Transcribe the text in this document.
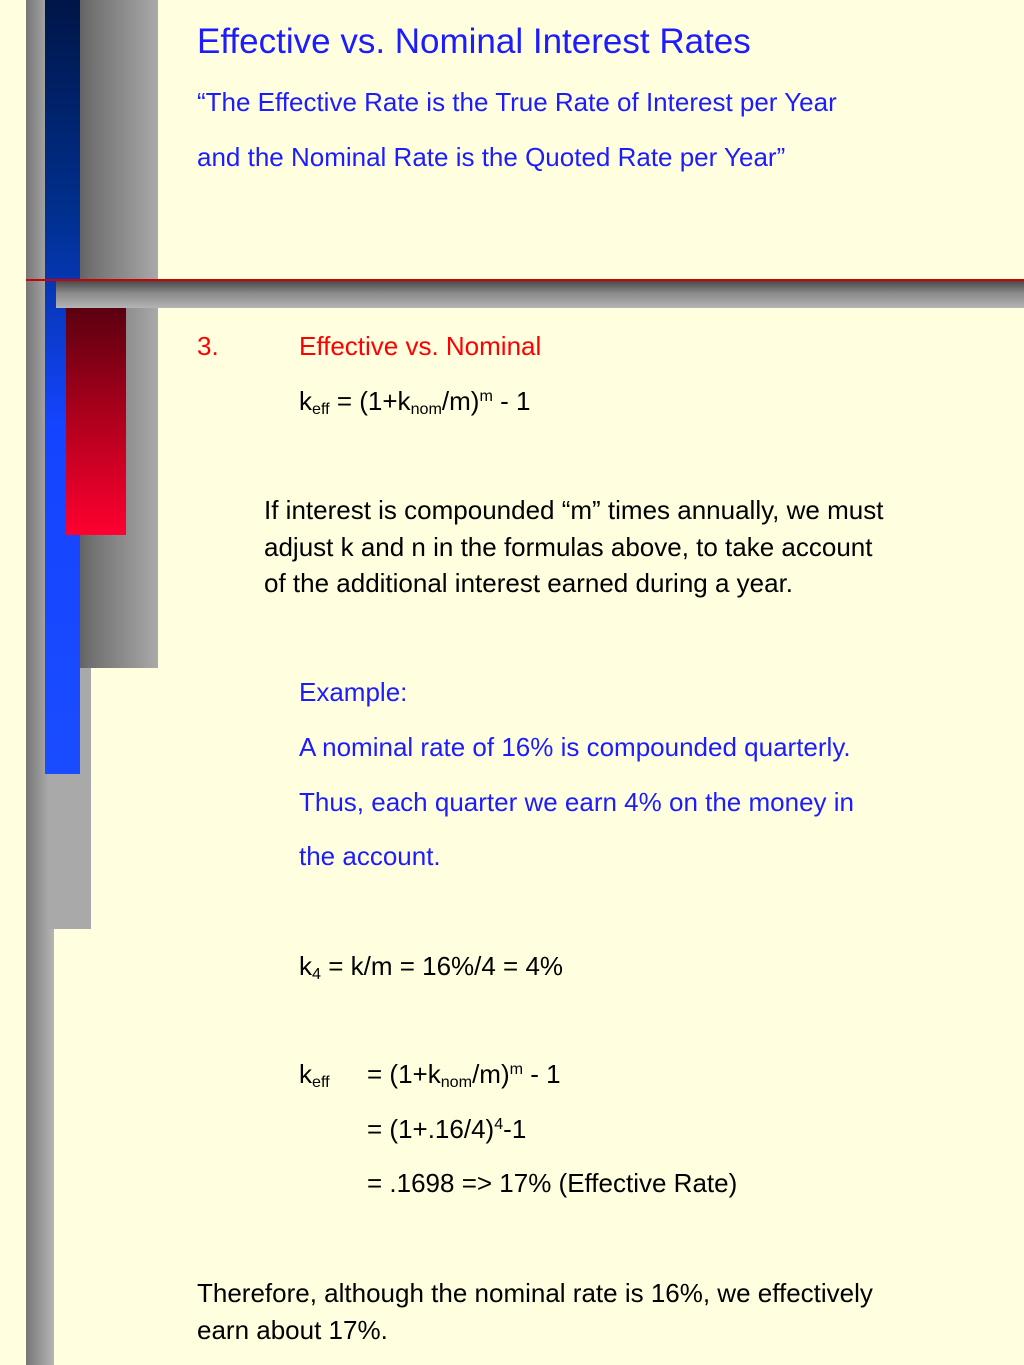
Effective vs. Nominal Interest Rates
“The Effective Rate is the True Rate of Interest per Year
and the Nominal Rate is the Quoted Rate per Year”
3.	Effective vs. Nominal
$k_{eff} = (1+k_{nom}/m)^m - 1$
If interest is compounded “m” times annually, we must
adjust k and n in the formulas above, to take account
of the additional interest earned during a year.
Example:
A nominal rate of 16% is compounded quarterly.
Thus, each quarter we earn 4% on the money in
the account.
$k_4 = k/m = 16\%/4 = 4\%$
$k_{eff} = (1+k_{nom}/m)^m - 1$
= $(1+.16/4)^4-1$
= .1698 => 17% (Effective Rate)
Therefore, although the nominal rate is 16%, we effectively
earn about 17%.
